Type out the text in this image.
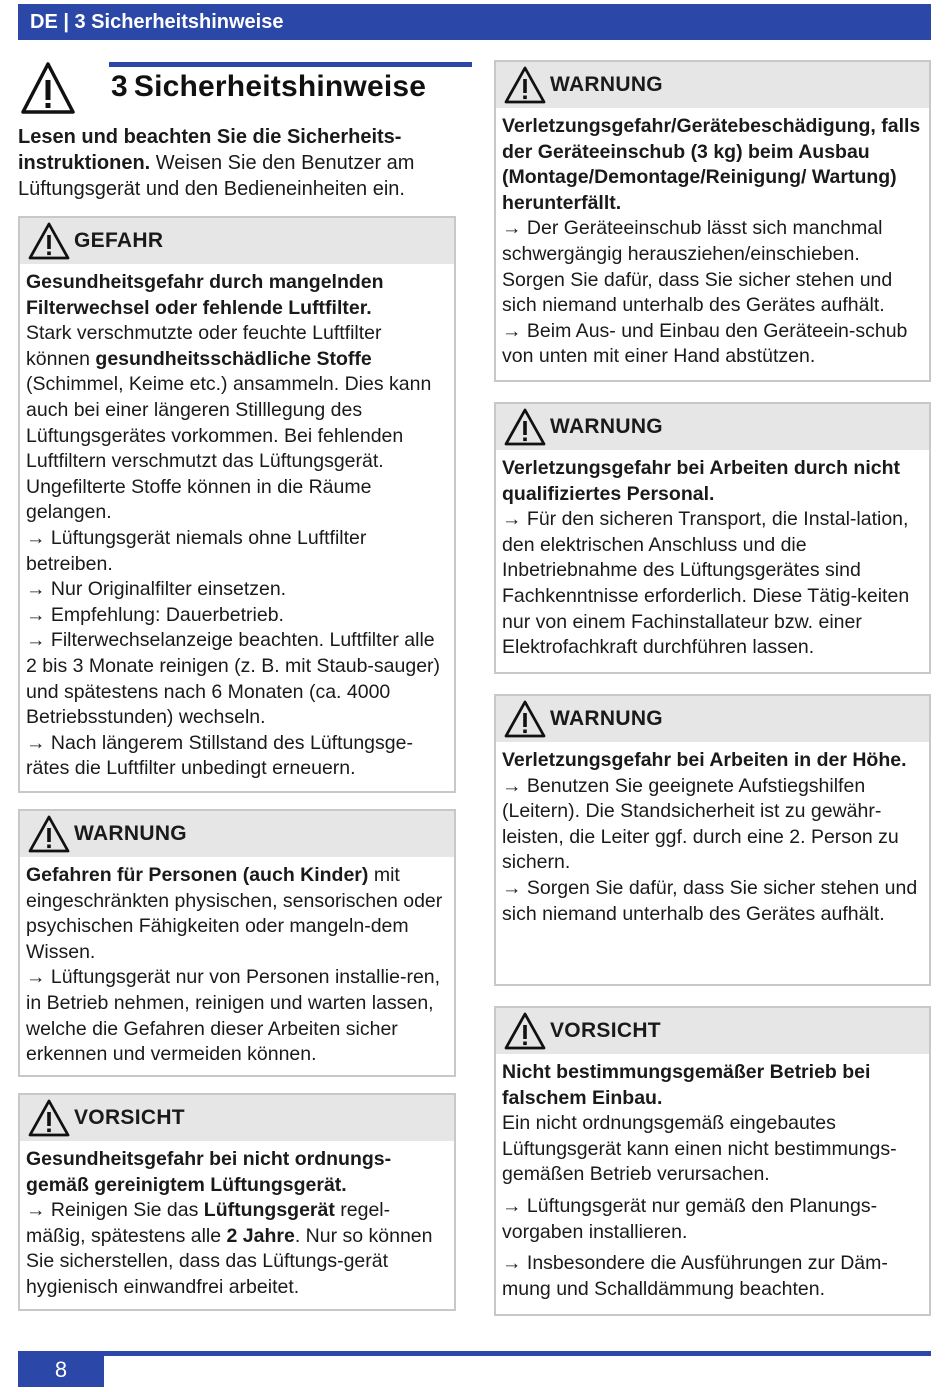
DE | 3 Sicherheitshinweise
3 Sicherheitshinweise
Lesen und beachten Sie die Sicherheits-instruktionen. Weisen Sie den Benutzer am Lüftungsgerät und den Bedieneinheiten ein.
GEFAHR

Gesundheitsgefahr durch mangelnden Filterwechsel oder fehlende Luftfilter.

Stark verschmutzte oder feuchte Luftfilter können gesundheitsschädliche Stoffe (Schimmel, Keime etc.) ansammeln. Dies kann auch bei einer längeren Stilllegung des Lüftungsgerätes vorkommen. Bei fehlenden Luftfiltern verschmutzt das Lüftungsgerät. Ungefilterte Stoffe können in die Räume gelangen.

→ Lüftungsgerät niemals ohne Luftfilter betreiben.

→ Nur Originalfilter einsetzen.

→ Empfehlung: Dauerbetrieb.

→ Filterwechselanzeige beachten. Luftfilter alle 2 bis 3 Monate reinigen (z. B. mit Staub-sauger) und spätestens nach 6 Monaten (ca. 4000 Betriebsstunden) wechseln.

→ Nach längerem Stillstand des Lüftungsge-rätes die Luftfilter unbedingt erneuern.

WARNUNG

Gefahren für Personen (auch Kinder) mit eingeschränkten physischen, sensorischen oder psychischen Fähigkeiten oder mangeln-dem Wissen.

→ Lüftungsgerät nur von Personen installie-ren, in Betrieb nehmen, reinigen und warten lassen, welche die Gefahren dieser Arbeiten sicher erkennen und vermeiden können.

VORSICHT

Gesundheitsgefahr bei nicht ordnungs-gemäß gereinigtem Lüftungsgerät.

→ Reinigen Sie das Lüftungsgerät regel-mäßig, spätestens alle 2 Jahre. Nur so können Sie sicherstellen, dass das Lüftungs-gerät hygienisch einwandfrei arbeitet.

WARNUNG

Verletzungsgefahr/Gerätebeschädigung, falls der Geräteeinschub (3 kg) beim Ausbau (Montage/Demontage/Reinigung/ Wartung) herunterfällt.

→ Der Geräteeinschub lässt sich manchmal schwergängig herausziehen/einschieben. Sorgen Sie dafür, dass Sie sicher stehen und sich niemand unterhalb des Gerätes aufhält.

→ Beim Aus- und Einbau den Geräteein-schub von unten mit einer Hand abstützen.

WARNUNG

Verletzungsgefahr bei Arbeiten durch nicht qualifiziertes Personal.

→ Für den sicheren Transport, die Instal-lation, den elektrischen Anschluss und die Inbetriebnahme des Lüftungsgerätes sind Fachkenntnisse erforderlich. Diese Tätig-keiten nur von einem Fachinstallateur bzw. einer Elektrofachkraft durchführen lassen.

WARNUNG

Verletzungsgefahr bei Arbeiten in der Höhe.

→ Benutzen Sie geeignete Aufstiegshilfen (Leitern). Die Standsicherheit ist zu gewähr-leisten, die Leiter ggf. durch eine 2. Person zu sichern.

→ Sorgen Sie dafür, dass Sie sicher stehen und sich niemand unterhalb des Gerätes aufhält.

VORSICHT

Nicht bestimmungsgemäßer Betrieb bei falschem Einbau.

Ein nicht ordnungsgemäß eingebautes Lüftungsgerät kann einen nicht bestimmungs-gemäßen Betrieb verursachen.

→ Lüftungsgerät nur gemäß den Planungs-vorgaben installieren.

→ Insbesondere die Ausführungen zur Däm-mung und Schalldämmung beachten.

8
